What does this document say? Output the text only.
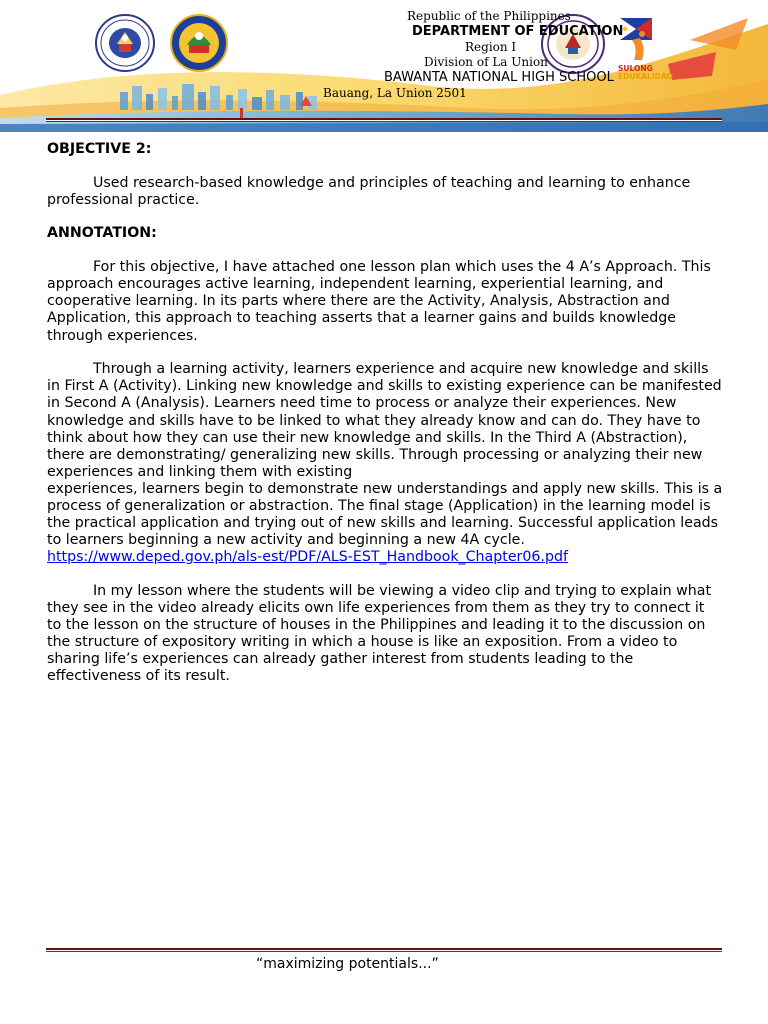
SULONG
EDUKALIDAD
Republic of the Philippines
DEPARTMENT OF EDUCATION
Region I
Division of La Union
BAWANTA NATIONAL HIGH SCHOOL
Bauang, La Union 2501
OBJECTIVE 2:

Used research-based knowledge and principles of teaching and learning to enhance professional practice.

ANNOTATION:

For this objective, I have attached one lesson plan which uses the 4 A’s Approach. This approach encourages active learning, independent learning, experiential learning, and cooperative learning. In its parts where there are the Activity, Analysis, Abstraction and Application, this approach to teaching asserts that a learner gains and builds knowledge through experiences.

Through a learning activity, learners experience and acquire new knowledge and skills in First A (Activity). Linking new knowledge and skills to existing experience can be manifested in Second A (Analysis). Learners need time to process or analyze their experiences. New knowledge and skills have to be linked to what they already know and can do. They have to think about how they can use their new knowledge and skills. In the Third A (Abstraction), there are demonstrating/ generalizing new skills. Through processing or analyzing their new experiences and linking them with existing
experiences, learners begin to demonstrate new understandings and apply new skills. This is a process of generalization or abstraction. The final stage (Application) in the learning model is the practical application and trying out of new skills and learning. Successful application leads to learners beginning a new activity and beginning a new 4A cycle. https://www.deped.gov.ph/als-est/PDF/ALS-EST_Handbook_Chapter06.pdf

In my lesson where the students will be viewing a video clip and trying to explain what they see in the video already elicits own life experiences from them as they try to connect it to the lesson on the structure of houses in the Philippines and leading it to the discussion on the structure of expository writing in which a house is like an exposition. From a video to sharing life’s experiences can already gather interest from students leading to the effectiveness of its result.

“maximizing potentials...”
